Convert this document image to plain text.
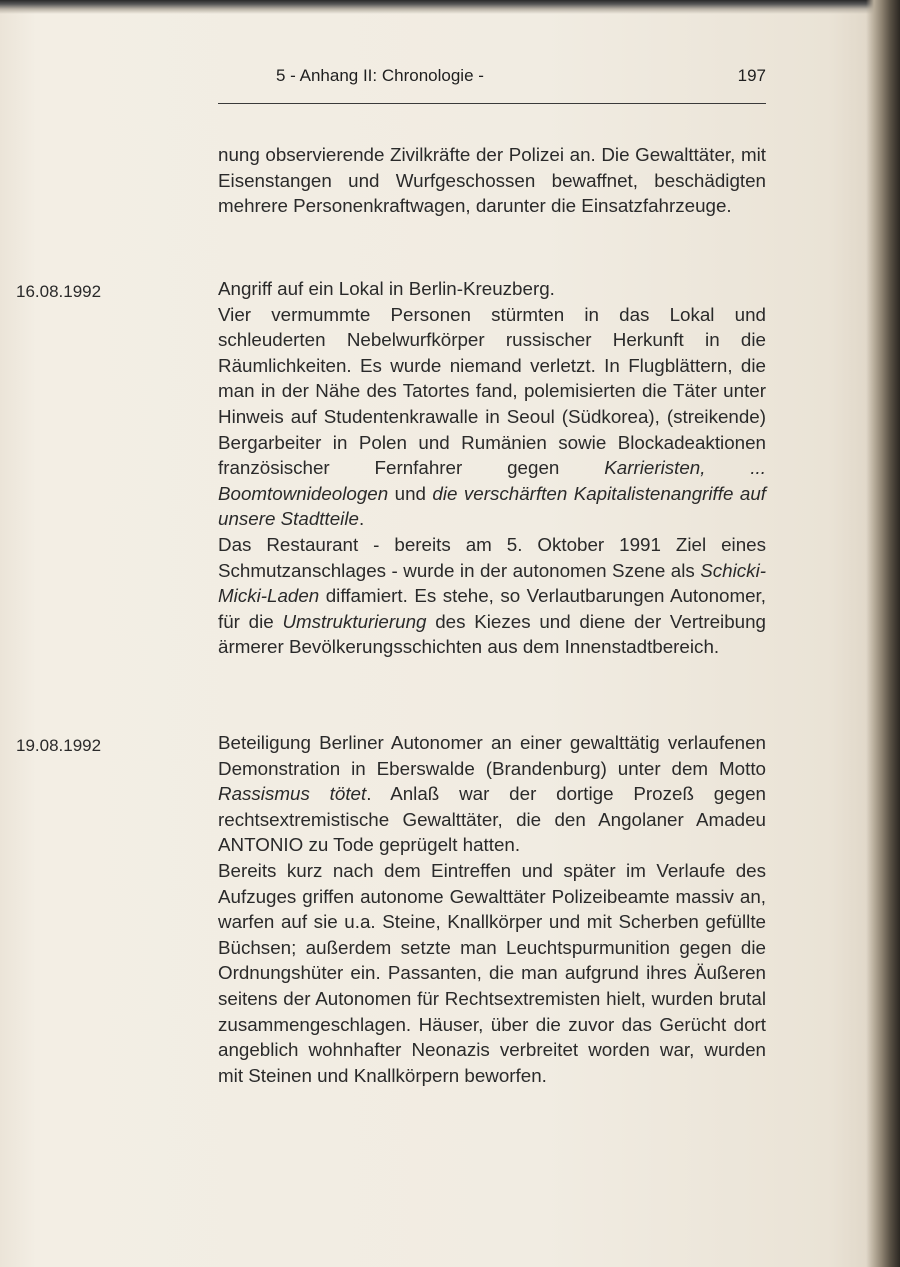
5 - Anhang II: Chronologie -	197

nung observierende Zivilkräfte der Polizei an. Die Gewalttäter, mit Eisenstangen und Wurfgeschossen bewaffnet, beschädigten mehrere Personenkraftwagen, darunter die Einsatzfahrzeuge.

16.08.1992	Angriff auf ein Lokal in Berlin-Kreuzberg.

Vier vermummte Personen stürmten in das Lokal und schleuderten Nebelwurfkörper russischer Herkunft in die Räumlichkeiten. Es wurde niemand verletzt. In Flugblättern, die man in der Nähe des Tatortes fand, polemisierten die Täter unter Hinweis auf Studentenkrawalle in Seoul (Südkorea), (streikende) Bergarbeiter in Polen und Rumänien sowie Blockadeaktionen französischer Fernfahrer gegen Karrieristen, ... Boomtownideologen und die verschärften Kapitalistenangriffe auf unsere Stadtteile.

Das Restaurant - bereits am 5. Oktober 1991 Ziel eines Schmutzanschlages - wurde in der autonomen Szene als Schicki-Micki-Laden diffamiert. Es stehe, so Verlautbarungen Autonomer, für die Umstrukturierung des Kiezes und diene der Vertreibung ärmerer Bevölkerungsschichten aus dem Innenstadtbereich.

19.08.1992	Beteiligung Berliner Autonomer an einer gewalttätig verlaufenen Demonstration in Eberswalde (Brandenburg) unter dem Motto Rassismus tötet. Anlaß war der dortige Prozeß gegen rechtsextremistische Gewalttäter, die den Angolaner Amadeu ANTONIO zu Tode geprügelt hatten.

Bereits kurz nach dem Eintreffen und später im Verlaufe des Aufzuges griffen autonome Gewalttäter Polizeibeamte massiv an, warfen auf sie u.a. Steine, Knallkörper und mit Scherben gefüllte Büchsen; außerdem setzte man Leuchtspurmunition gegen die Ordnungshüter ein. Passanten, die man aufgrund ihres Äußeren seitens der Autonomen für Rechtsextremisten hielt, wurden brutal zusammengeschlagen. Häuser, über die zuvor das Gerücht dort angeblich wohnhafter Neonazis verbreitet worden war, wurden mit Steinen und Knallkörpern beworfen.
